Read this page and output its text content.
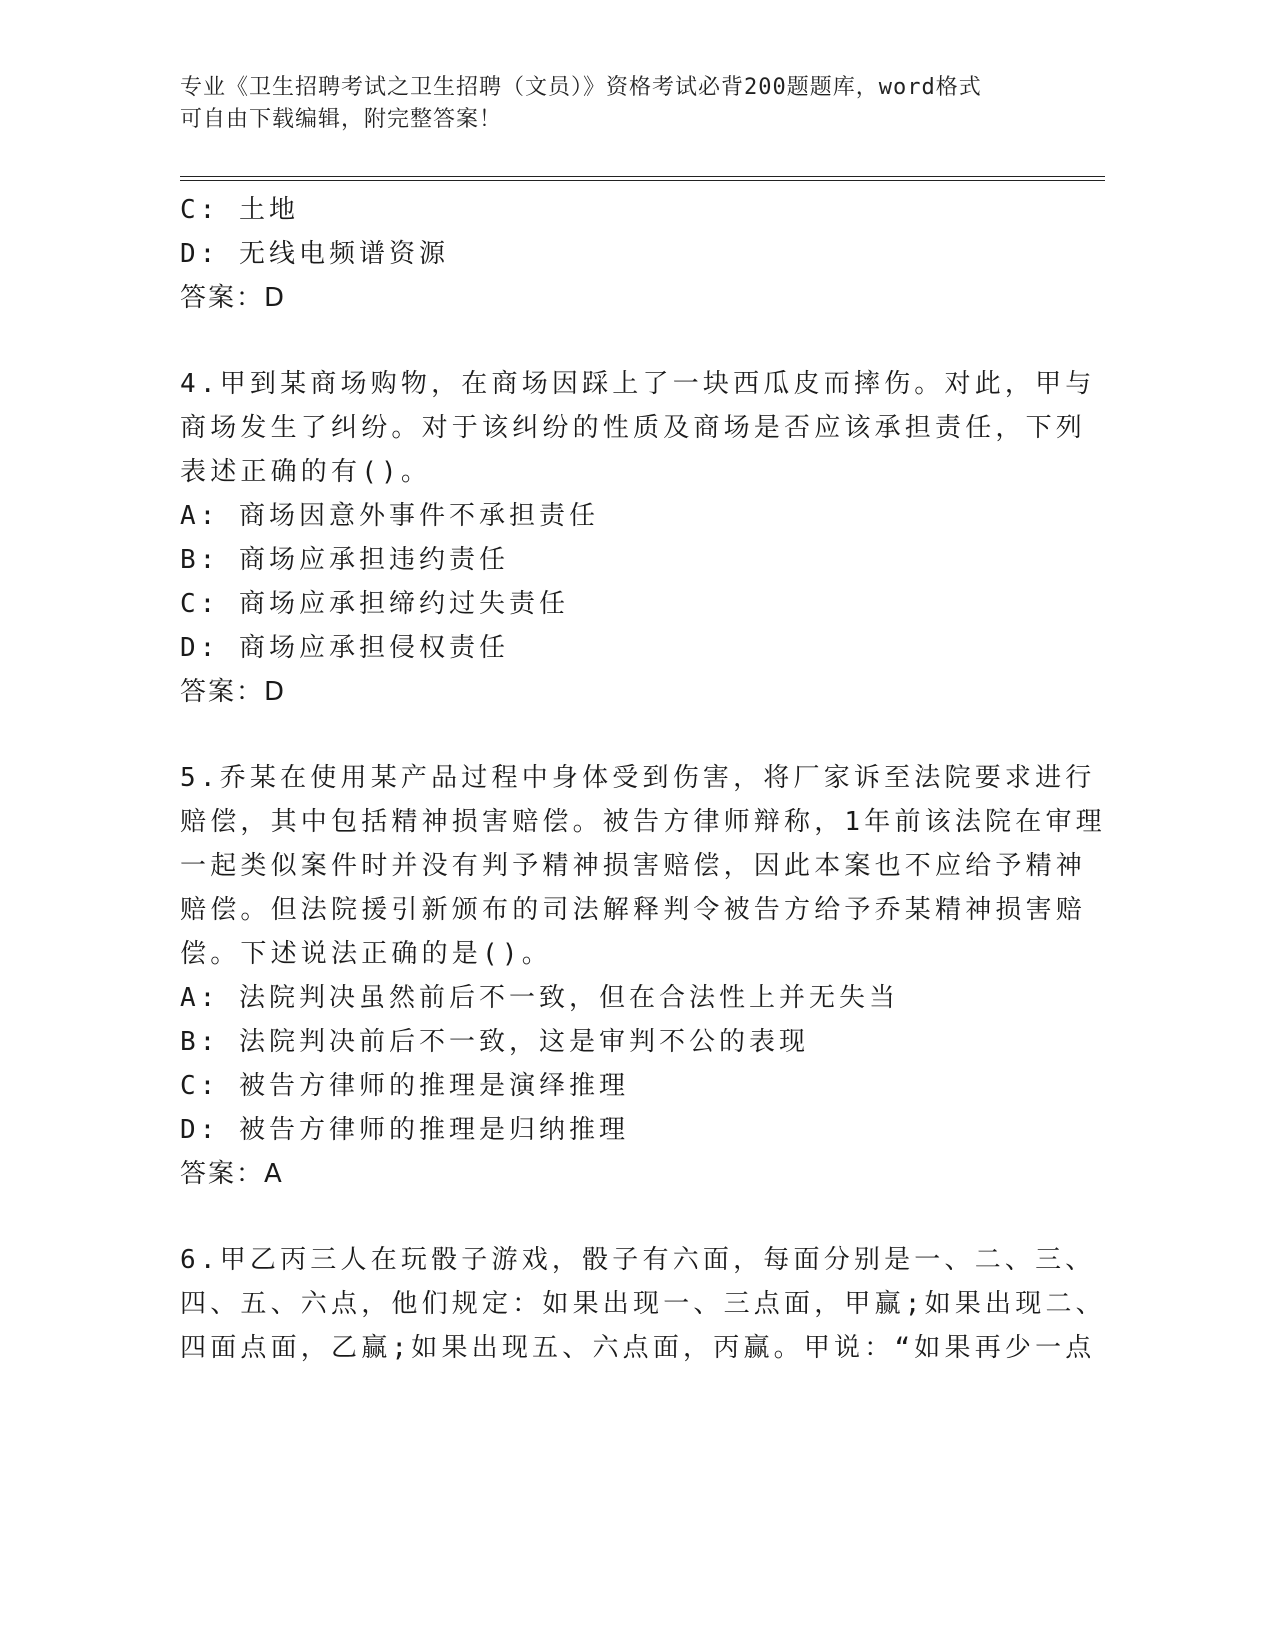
专业《卫生招聘考试之卫生招聘（文员）》资格考试必背200题题库，word格式
可自由下载编辑，附完整答案！
C: 土地
D: 无线电频谱资源
答案：D
4.甲到某商场购物，在商场因踩上了一块西瓜皮而摔伤。对此，甲与
商场发生了纠纷。对于该纠纷的性质及商场是否应该承担责任，下列
表述正确的有()。
A: 商场因意外事件不承担责任
B: 商场应承担违约责任
C: 商场应承担缔约过失责任
D: 商场应承担侵权责任
答案：D
5.乔某在使用某产品过程中身体受到伤害，将厂家诉至法院要求进行
赔偿，其中包括精神损害赔偿。被告方律师辩称，1年前该法院在审理
一起类似案件时并没有判予精神损害赔偿，因此本案也不应给予精神
赔偿。但法院援引新颁布的司法解释判令被告方给予乔某精神损害赔
偿。下述说法正确的是()。
A: 法院判决虽然前后不一致，但在合法性上并无失当
B: 法院判决前后不一致，这是审判不公的表现
C: 被告方律师的推理是演绎推理
D: 被告方律师的推理是归纳推理
答案：A
6.甲乙丙三人在玩骰子游戏，骰子有六面，每面分别是一、二、三、
四、五、六点，他们规定：如果出现一、三点面，甲赢;如果出现二、
四面点面，乙赢;如果出现五、六点面，丙赢。甲说：“如果再少一点
